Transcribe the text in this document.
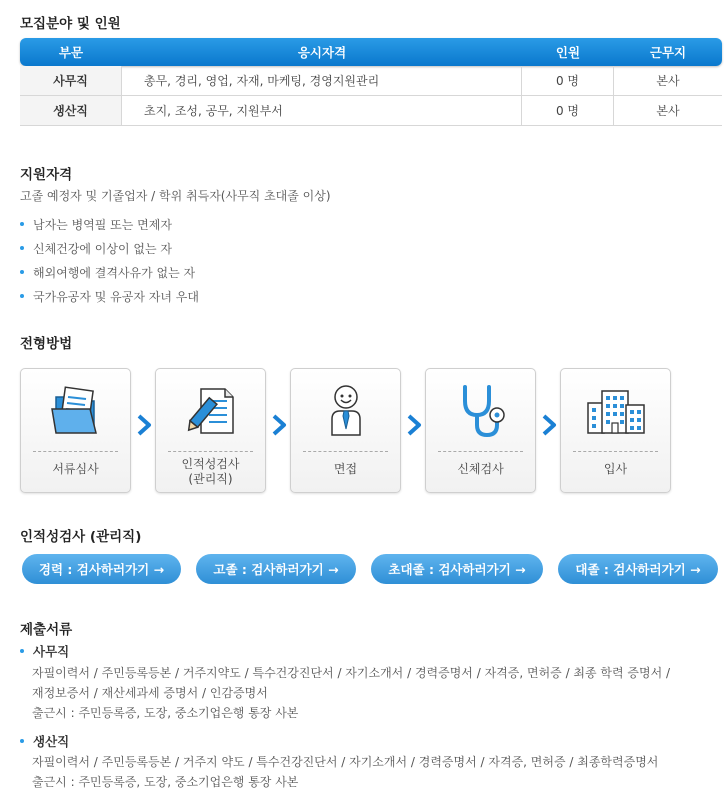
모집분야 및 인원
부문	응시자격	인원	근무지
사무직	총무, 경리, 영업, 자재, 마케팅, 경영지원관리	0 명	본사
생산직	초지, 조성, 공무, 지원부서	0 명	본사
지원자격
고졸 예정자 및 기졸업자 / 학위 취득자(사무직 초대졸 이상)
남자는 병역필 또는 면제자
신체건강에 이상이 없는 자
해외여행에 결격사유가 없는 자
국가유공자 및 유공자 자녀 우대
전형방법
서류심사	인적성검사
(관리직)
면접	신체검사	입사
인적성검사 (관리직)
경력 : 검사하러가기 →	고졸 : 검사하러가기 →	초대졸 : 검사하러가기 →	대졸 : 검사하러가기 →
제출서류
사무직
자필이력서 / 주민등록등본 / 거주지약도 / 특수건강진단서 / 자기소개서 / 경력증명서 / 자격증, 면허증 / 최종 학력 증명서 /
재정보증서 / 재산세과세 증명서 / 인감증명서
출근시 : 주민등록증, 도장, 중소기업은행 통장 사본
생산직
자필이력서 / 주민등록등본 / 거주지 약도 / 특수건강진단서 / 자기소개서 / 경력증명서 / 자격증, 면허증 / 최종학력증명서
출근시 : 주민등록증, 도장, 중소기업은행 통장 사본
